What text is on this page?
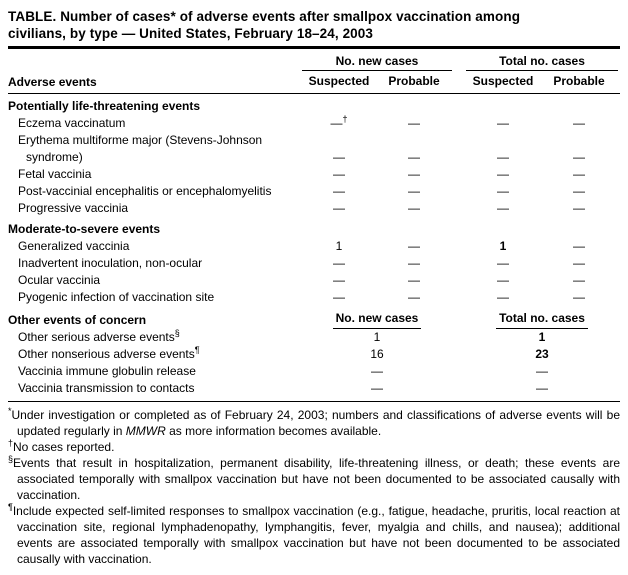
TABLE. Number of cases* of adverse events after smallpox vaccination among
civilians, by type — United States, February 18–24, 2003
No. new cases	Total no. cases
Adverse events	Suspected	Probable	Suspected	Probable
Potentially life-threatening events
Eczema vaccinatum	—†	—	—	—
Erythema multiforme major (Stevens-Johnson syndrome)	—	—	—	—
Fetal vaccinia	—	—	—	—
Post-vaccinial encephalitis or encephalomyelitis	—	—	—	—
Progressive vaccinia	—	—	—	—
Moderate-to-severe events
Generalized vaccinia	1	—	1	—
Inadvertent inoculation, non-ocular	—	—	—	—
Ocular vaccinia	—	—	—	—
Pyogenic infection of vaccination site	—	—	—	—
Other events of concern	No. new cases	Total no. cases
Other serious adverse events§	1	1
Other nonserious adverse events¶	16	23
Vaccinia immune globulin release	—	—
Vaccinia transmission to contacts	—	—

*Under investigation or completed as of February 24, 2003; numbers and classifications of adverse events will be updated regularly in MMWR as more information becomes available.

†No cases reported.

§Events that result in hospitalization, permanent disability, life-threatening illness, or death; these events are associated temporally with smallpox vaccination but have not been documented to be associated causally with vaccination.

¶Include expected self-limited responses to smallpox vaccination (e.g., fatigue, headache, pruritis, local reaction at vaccination site, regional lymphadenopathy, lymphangitis, fever, myalgia and chills, and nausea); additional events are associated temporally with smallpox vaccination but have not been documented to be associated causally with vaccination.
